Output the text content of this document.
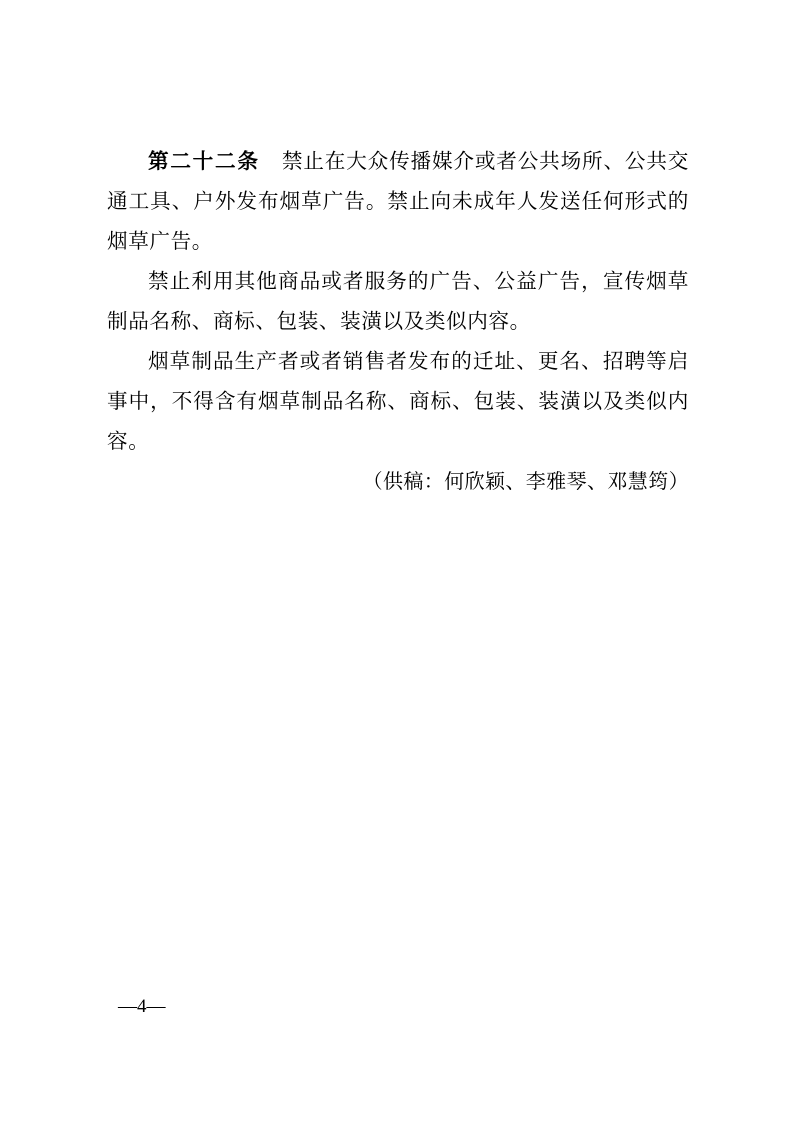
第二十二条 禁止在大众传播媒介或者公共场所、公共交通工具、户外发布烟草广告。禁止向未成年人发送任何形式的烟草广告。

禁止利用其他商品或者服务的广告、公益广告，宣传烟草制品名称、商标、包装、装潢以及类似内容。

烟草制品生产者或者销售者发布的迁址、更名、招聘等启事中，不得含有烟草制品名称、商标、包装、装潢以及类似内容。

（供稿：何欣颖、李雅琴、邓慧筠）

—4—
